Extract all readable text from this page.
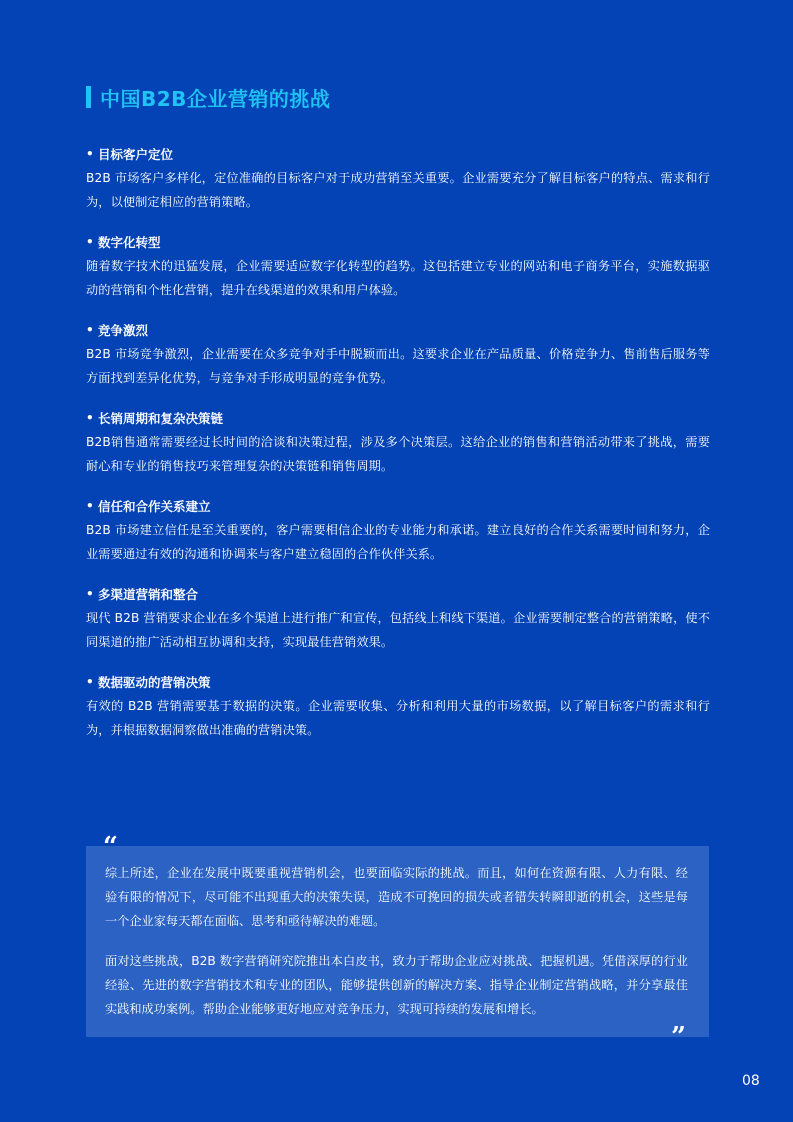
中国B2B企业营销的挑战
• 目标客户定位
B2B 市场客户多样化，定位准确的目标客户对于成功营销至关重要。企业需要充分了解目标客户的特点、需求和行为，以便制定相应的营销策略。
• 数字化转型
随着数字技术的迅猛发展，企业需要适应数字化转型的趋势。这包括建立专业的网站和电子商务平台，实施数据驱动的营销和个性化营销，提升在线渠道的效果和用户体验。
• 竞争激烈
B2B 市场竞争激烈，企业需要在众多竞争对手中脱颖而出。这要求企业在产品质量、价格竞争力、售前售后服务等方面找到差异化优势，与竞争对手形成明显的竞争优势。
• 长销周期和复杂决策链
B2B销售通常需要经过长时间的洽谈和决策过程，涉及多个决策层。这给企业的销售和营销活动带来了挑战，需要耐心和专业的销售技巧来管理复杂的决策链和销售周期。
• 信任和合作关系建立
B2B 市场建立信任是至关重要的，客户需要相信企业的专业能力和承诺。建立良好的合作关系需要时间和努力，企业需要通过有效的沟通和协调来与客户建立稳固的合作伙伴关系。
• 多渠道营销和整合
现代 B2B 营销要求企业在多个渠道上进行推广和宣传，包括线上和线下渠道。企业需要制定整合的营销策略，使不同渠道的推广活动相互协调和支持，实现最佳营销效果。
• 数据驱动的营销决策
有效的 B2B 营销需要基于数据的决策。企业需要收集、分析和利用大量的市场数据，以了解目标客户的需求和行为，并根据数据洞察做出准确的营销决策。
“

综上所述，企业在发展中既要重视营销机会，也要面临实际的挑战。而且，如何在资源有限、人力有限、经验有限的情况下，尽可能不出现重大的决策失误，造成不可挽回的损失或者错失转瞬即逝的机会，这些是每一个企业家每天都在面临、思考和亟待解决的难题。

面对这些挑战，B2B 数字营销研究院推出本白皮书，致力于帮助企业应对挑战、把握机遇。凭借深厚的行业经验、先进的数字营销技术和专业的团队，能够提供创新的解决方案、指导企业制定营销战略，并分享最佳实践和成功案例。帮助企业能够更好地应对竞争压力，实现可持续的发展和增长。

”
08
